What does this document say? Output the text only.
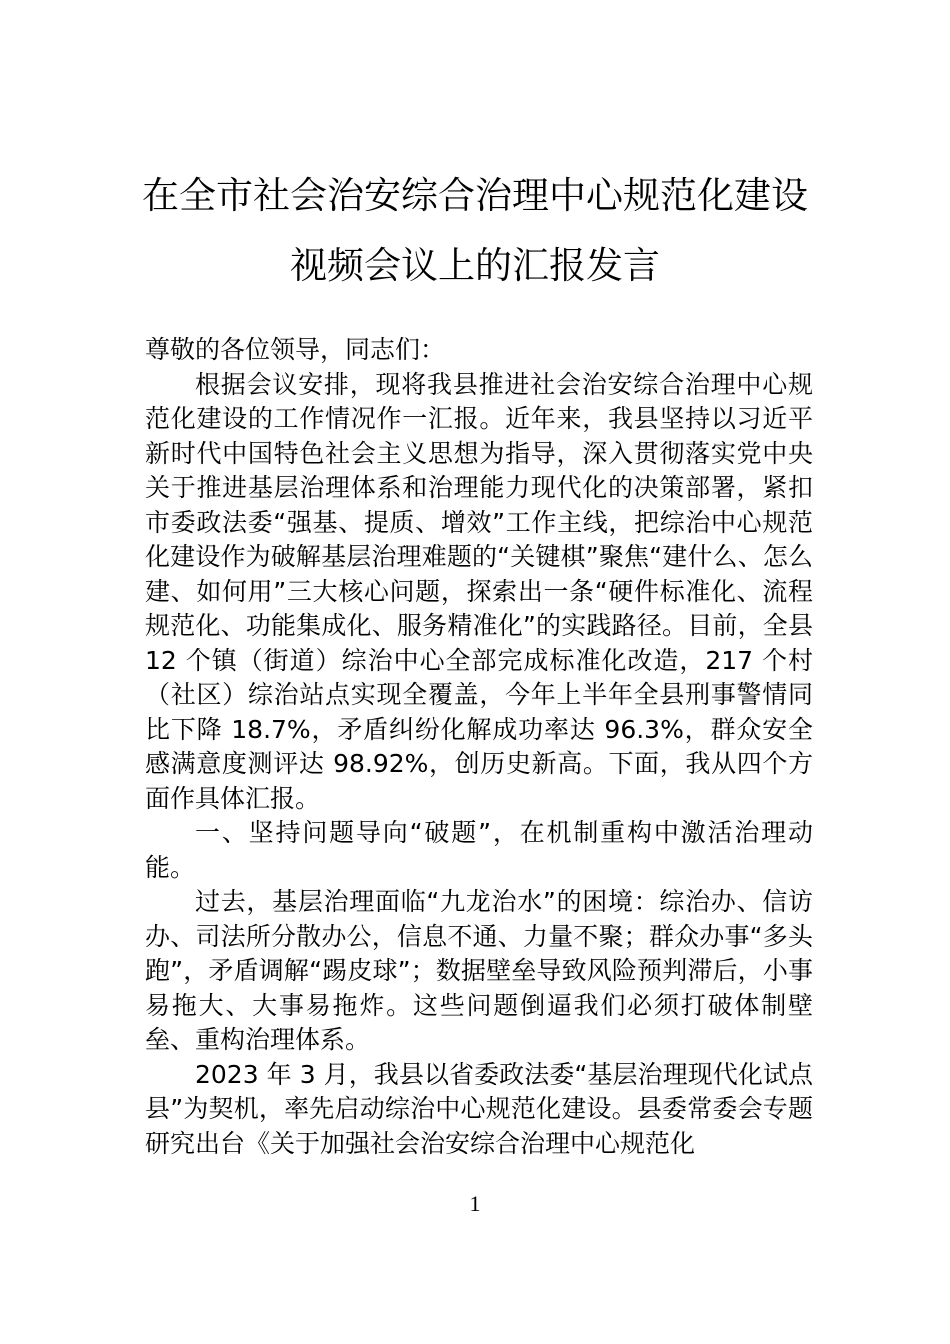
在全市社会治安综合治理中心规范化建设
视频会议上的汇报发言

尊敬的各位领导，同志们：

根据会议安排，现将我县推进社会治安综合治理中心规范化建设的工作情况作一汇报。近年来，我县坚持以习近平新时代中国特色社会主义思想为指导，深入贯彻落实党中央关于推进基层治理体系和治理能力现代化的决策部署，紧扣市委政法委“强基、提质、增效”工作主线，把综治中心规范化建设作为破解基层治理难题的“关键棋”聚焦“建什么、怎么建、如何用”三大核心问题，探索出一条“硬件标准化、流程规范化、功能集成化、服务精准化”的实践路径。目前，全县 12 个镇（街道）综治中心全部完成标准化改造，217 个村（社区）综治站点实现全覆盖，今年上半年全县刑事警情同比下降 18.7%，矛盾纠纷化解成功率达 96.3%，群众安全感满意度测评达 98.92%，创历史新高。下面，我从四个方面作具体汇报。

一、坚持问题导向“破题”，在机制重构中激活治理动能。

过去，基层治理面临“九龙治水”的困境：综治办、信访办、司法所分散办公，信息不通、力量不聚；群众办事“多头跑”，矛盾调解“踢皮球”；数据壁垒导致风险预判滞后，小事易拖大、大事易拖炸。这些问题倒逼我们必须打破体制壁垒、重构治理体系。

2023 年 3 月，我县以省委政法委“基层治理现代化试点县”为契机，率先启动综治中心规范化建设。县委常委会专题研究出台《关于加强社会治安综合治理中心规范化

1
